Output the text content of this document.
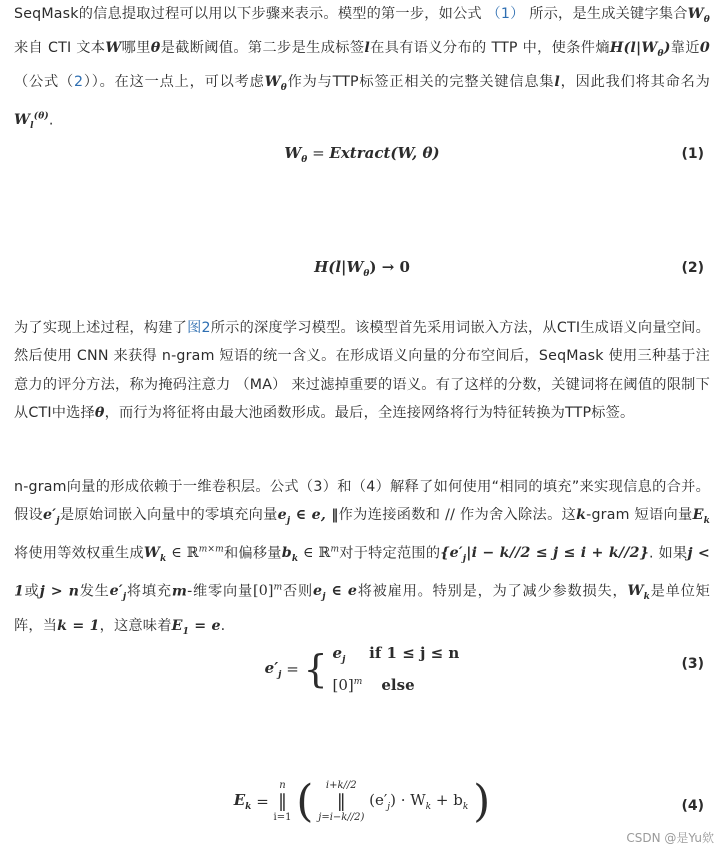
SeqMask的信息提取过程可以用以下步骤来表示。模型的第一步，如公式 （1） 所示，是生成关键字集合$W_\theta$来自 CTI 文本W哪里θ是截断阈值。第二步是生成标签l在具有语义分布的 TTP 中，使条件熵$H(l|W_\theta)$靠近0（公式（2））。在这一点上，可以考虑$W_\theta$作为与TTP标签正相关的完整关键信息集l，因此我们将其命名为$W_l^{(\theta)}$.
$W_\theta$ = Extract(W, θ)	(1)
$H(l|W_\theta) \to 0$	(2)
为了实现上述过程，构建了图2所示的深度学习模型。该模型首先采用词嵌入方法，从CTI生成语义向量空间。然后使用 CNN 来获得 n-gram 短语的统一含义。在形成语义向量的分布空间后，SeqMask 使用三种基于注意力的评分方法，称为掩码注意力 （MA） 来过滤掉重要的语义。有了这样的分数，关键词将在阈值的限制下从CTI中选择θ，而行为将征将由最大池函数形成。最后，全连接网络将行为特征转换为TTP标签。
n-gram向量的形成依赖于一维卷积层。公式（3）和（4）解释了如何使用“相同的填充”来实现信息的合并。假设$e'_j$是原始词嵌入向量中的零填充向量$e_j$ ∈ e, ‖作为连接函数和 // 作为舍入除法。这k-gram 短语向量$E_k$将使用等效权重生成$W_k$ ∈ ℝ$^{m\times m}$和偏移量$b_k$ ∈ ℝ$^m$对于特定范围的$\{e'_j|i - k//2 \le j \le i + k//2\}$. 如果j < 1或j > n发生$e'_j$将填充m-维零向量$[0]^m$否则$e_j$ ∈ e将被雇用。特别是，为了减少参数损失，$W_k$是单位矩阵，当k = 1，这意味着$E_1 = e$.
$e'_j$ = { $e_j$ if 1 ≤ j ≤ n
$[0]^m$ else
(3)
$E_k$ =
n
‖
i=1 (	i+k//2
‖
j=i−k//2)
$(e'_j) \cdot W_k + b_k$ )	(4)
CSDN @是Yu欸
